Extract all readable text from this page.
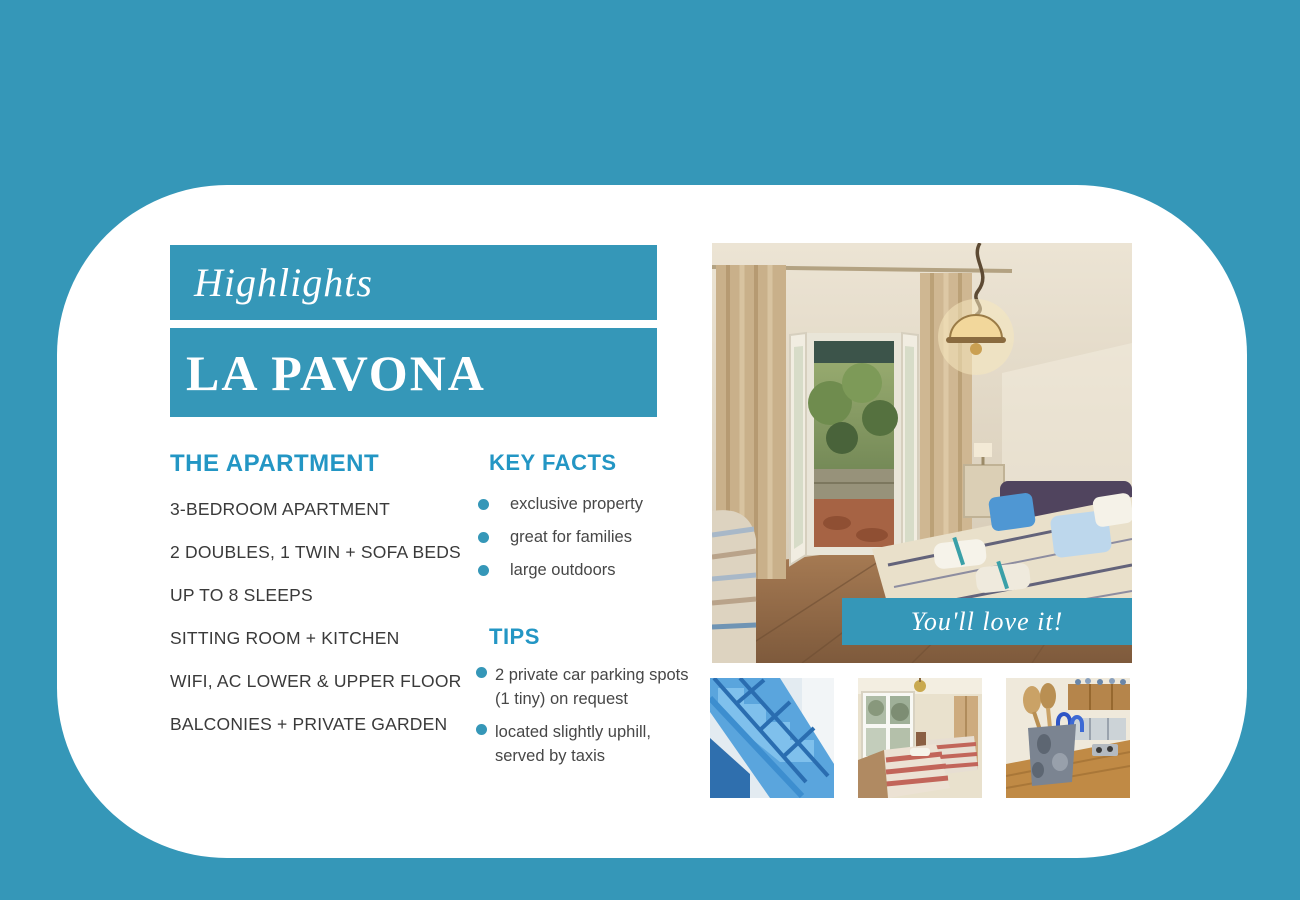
Highlights
LA PAVONA
THE APARTMENT
3-BEDROOM APARTMENT
2 DOUBLES, 1 TWIN + SOFA BEDS
UP TO 8 SLEEPS
SITTING ROOM + KITCHEN
WIFI, AC LOWER & UPPER FLOOR
BALCONIES + PRIVATE GARDEN
KEY FACTS
exclusive property
great for families
large outdoors
TIPS
2 private car parking spots (1 tiny) on request
located slightly uphill, served by taxis
You'll love it!
